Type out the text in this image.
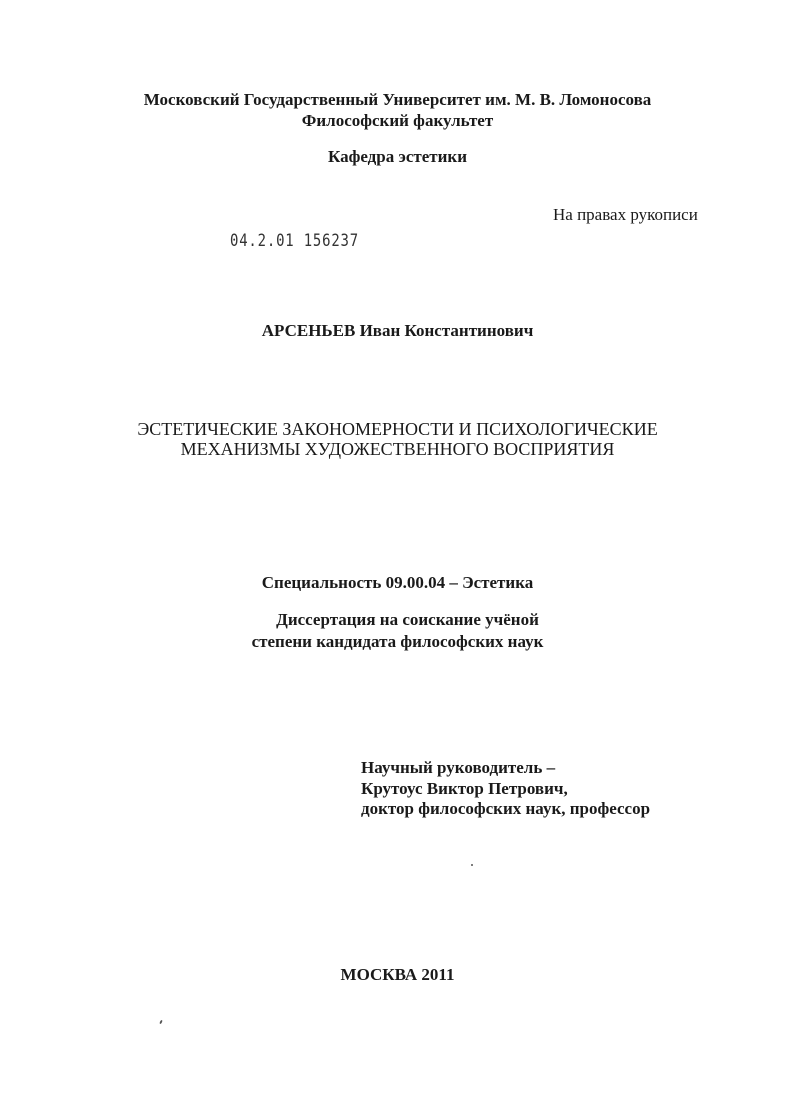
Московский Государственный Университет им. М. В. Ломоносова
Философский факультет
Кафедра эстетики
На правах рукописи
04.2.01 156237
АРСЕНЬЕВ Иван Константинович
ЭСТЕТИЧЕСКИЕ ЗАКОНОМЕРНОСТИ И ПСИХОЛОГИЧЕСКИЕ
МЕХАНИЗМЫ ХУДОЖЕСТВЕННОГО ВОСПРИЯТИЯ
Специальность 09.00.04 – Эстетика
Диссертация на соискание учёной
степени кандидата философских наук
Научный руководитель –
Крутоус Виктор Петрович,
доктор философских наук, профессор
МОСКВА 2011
